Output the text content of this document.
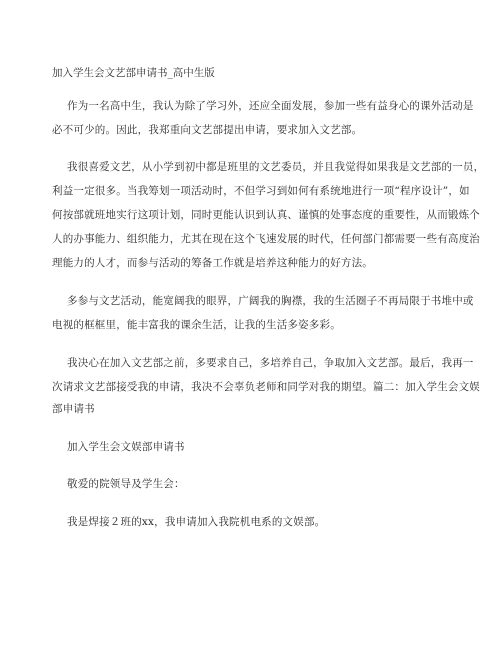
加入学生会文艺部申请书_高中生版
作为一名高中生，我认为除了学习外，还应全面发展，参加一些有益身心的课外活动是
必不可少的。因此，我郑重向文艺部提出申请，要求加入文艺部。
我很喜爱文艺，从小学到初中都是班里的文艺委员，并且我觉得如果我是文艺部的一员，
利益一定很多。当我筹划一项活动时，不但学习到如何有系统地进行一项“程序设计”，如
何按部就班地实行这项计划，同时更能认识到认真、谨慎的处事态度的重要性，从而锻炼个
人的办事能力、组织能力，尤其在现在这个飞速发展的时代，任何部门都需要一些有高度治
理能力的人才，而参与活动的筹备工作就是培养这种能力的好方法。
多参与文艺活动，能宽阔我的眼界，广阔我的胸襟，我的生活圈子不再局限于书堆中或
电视的框框里，能丰富我的课余生活，让我的生活多姿多彩。
我决心在加入文艺部之前，多要求自己，多培养自己，争取加入文艺部。最后，我再一
次请求文艺部接受我的申请，我决不会辜负老师和同学对我的期望。篇二：加入学生会文娱
部申请书
加入学生会文娱部申请书
敬爱的院领导及学生会：
我是焊接２班的xx，我申请加入我院机电系的文娱部。
